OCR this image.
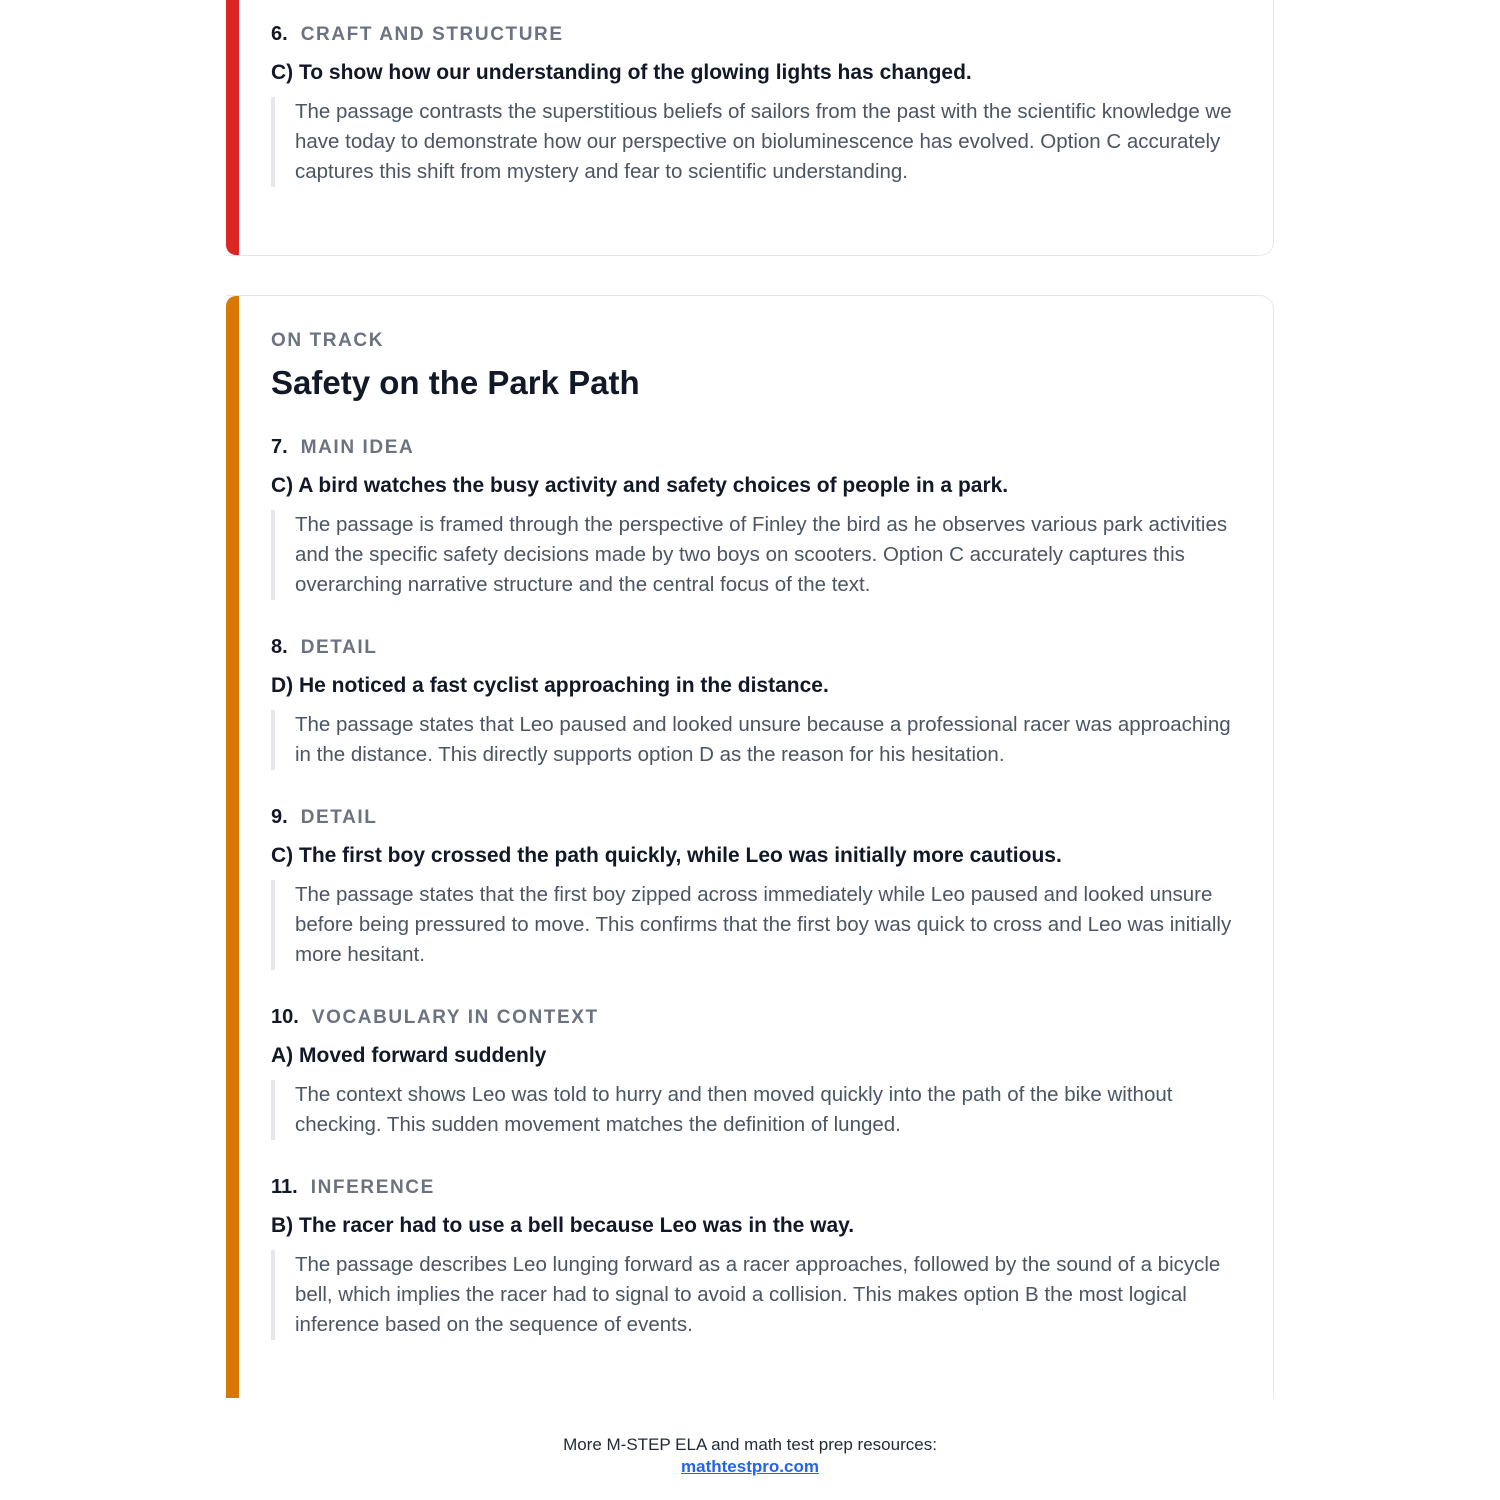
6. CRAFT AND STRUCTURE
C) To show how our understanding of the glowing lights has changed.
The passage contrasts the superstitious beliefs of sailors from the past with the scientific knowledge we have today to demonstrate how our perspective on bioluminescence has evolved. Option C accurately captures this shift from mystery and fear to scientific understanding.
ON TRACK
Safety on the Park Path
7. MAIN IDEA
C) A bird watches the busy activity and safety choices of people in a park.
The passage is framed through the perspective of Finley the bird as he observes various park activities and the specific safety decisions made by two boys on scooters. Option C accurately captures this overarching narrative structure and the central focus of the text.
8. DETAIL
D) He noticed a fast cyclist approaching in the distance.
The passage states that Leo paused and looked unsure because a professional racer was approaching in the distance. This directly supports option D as the reason for his hesitation.
9. DETAIL
C) The first boy crossed the path quickly, while Leo was initially more cautious.
The passage states that the first boy zipped across immediately while Leo paused and looked unsure before being pressured to move. This confirms that the first boy was quick to cross and Leo was initially more hesitant.
10. VOCABULARY IN CONTEXT
A) Moved forward suddenly
The context shows Leo was told to hurry and then moved quickly into the path of the bike without checking. This sudden movement matches the definition of lunged.
11. INFERENCE
B) The racer had to use a bell because Leo was in the way.
The passage describes Leo lunging forward as a racer approaches, followed by the sound of a bicycle bell, which implies the racer had to signal to avoid a collision. This makes option B the most logical inference based on the sequence of events.
More M-STEP ELA and math test prep resources:
mathtestpro.com
